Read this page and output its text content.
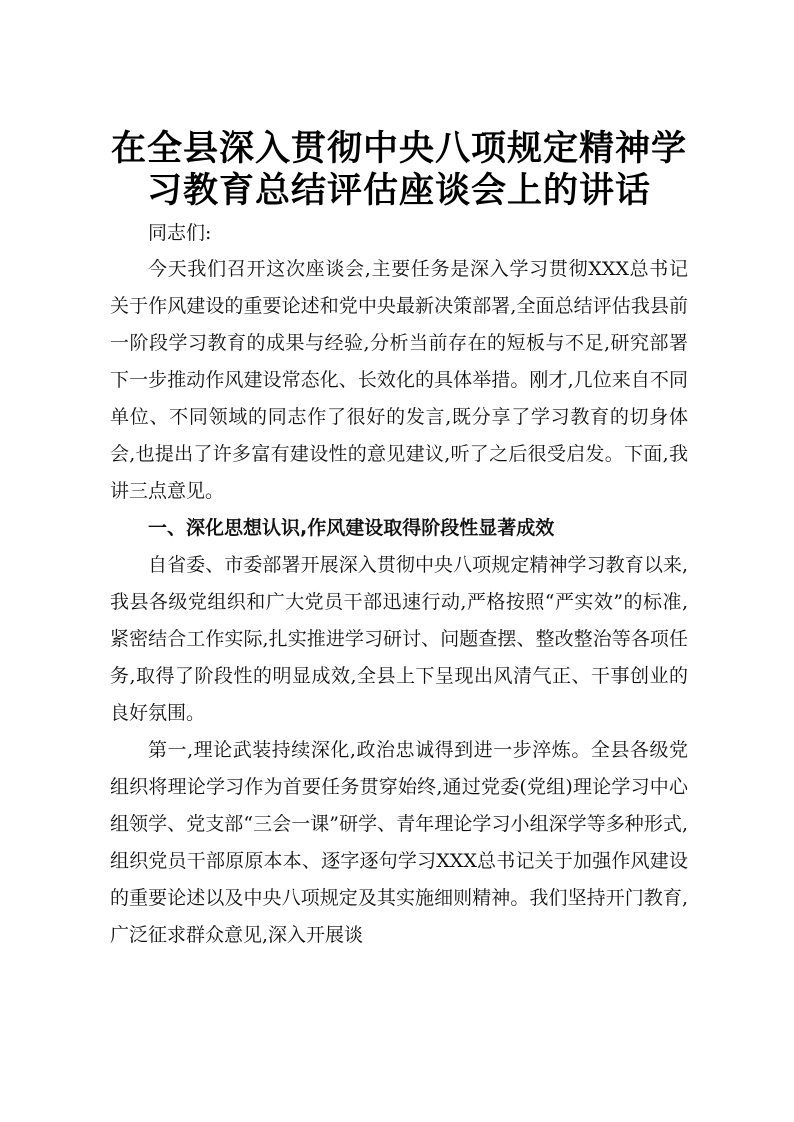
在全县深入贯彻中央八项规定精神学
习教育总结评估座谈会上的讲话

同志们:

今天我们召开这次座谈会,主要任务是深入学习贯彻XXX总书记关于作风建设的重要论述和党中央最新决策部署,全面总结评估我县前一阶段学习教育的成果与经验,分析当前存在的短板与不足,研究部署下一步推动作风建设常态化、长效化的具体举措。刚才,几位来自不同单位、不同领域的同志作了很好的发言,既分享了学习教育的切身体会,也提出了许多富有建设性的意见建议,听了之后很受启发。下面,我讲三点意见。

一、深化思想认识,作风建设取得阶段性显著成效

自省委、市委部署开展深入贯彻中央八项规定精神学习教育以来,我县各级党组织和广大党员干部迅速行动,严格按照“严实效”的标准,紧密结合工作实际,扎实推进学习研讨、问题查摆、整改整治等各项任务,取得了阶段性的明显成效,全县上下呈现出风清气正、干事创业的良好氛围。

第一,理论武装持续深化,政治忠诚得到进一步淬炼。全县各级党组织将理论学习作为首要任务贯穿始终,通过党委(党组)理论学习中心组领学、党支部“三会一课”研学、青年理论学习小组深学等多种形式,组织党员干部原原本本、逐字逐句学习XXX总书记关于加强作风建设的重要论述以及中央八项规定及其实施细则精神。我们坚持开门教育,广泛征求群众意见,深入开展谈
